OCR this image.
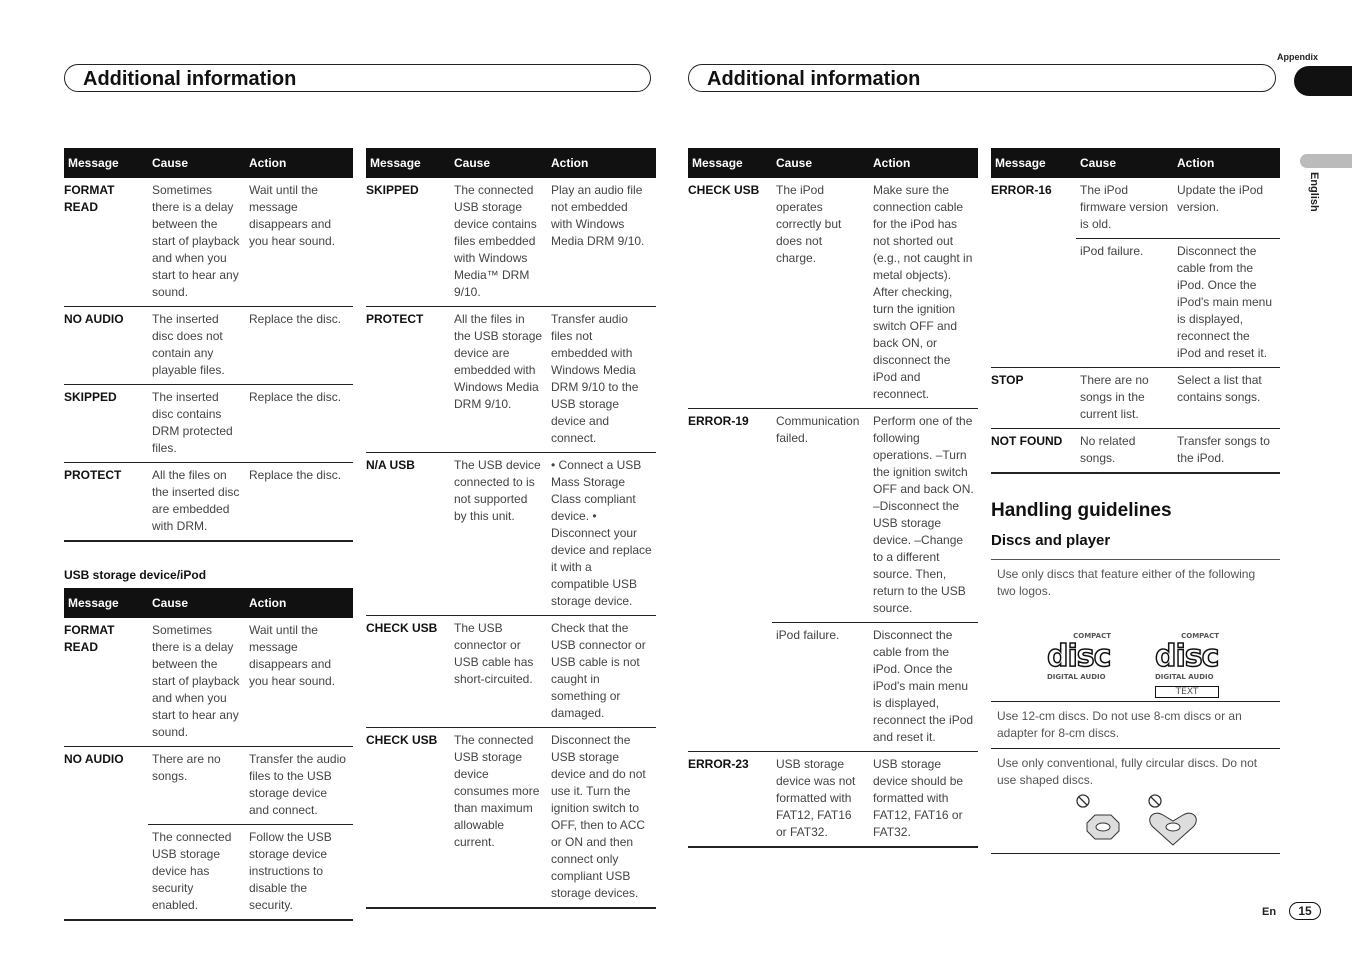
Additional information	Additional information
Appendix
English
Message	Cause	Action
FORMAT READ	Sometimes there is a delay between the start of playback and when you start to hear any sound.	Wait until the message disappears and you hear sound.
NO AUDIO	The inserted disc does not contain any playable files.	Replace the disc.
SKIPPED	The inserted disc contains DRM protected files.	Replace the disc.
PROTECT	All the files on the inserted disc are embedded with DRM.	Replace the disc.
USB storage device/iPod
Message	Cause	Action
FORMAT READ	Sometimes there is a delay between the start of playback and when you start to hear any sound.	Wait until the message disappears and you hear sound.
NO AUDIO	There are no songs.	Transfer the audio files to the USB storage device and connect.
	The connected USB storage device has security enabled.	Follow the USB storage device instructions to disable the security.
Message	Cause	Action
SKIPPED	The connected USB storage device contains files embedded with Windows Media™ DRM 9/10.	Play an audio file not embedded with Windows Media DRM 9/10.
PROTECT	All the files in the USB storage device are embedded with Windows Media DRM 9/10.	Transfer audio files not embedded with Windows Media DRM 9/10 to the USB storage device and connect.
N/A USB	The USB device connected to is not supported by this unit.	• Connect a USB Mass Storage Class compliant device. • Disconnect your device and replace it with a compatible USB storage device.
CHECK USB	The USB connector or USB cable has short-circuited.	Check that the USB connector or USB cable is not caught in something or damaged.
CHECK USB	The connected USB storage device consumes more than maximum allowable current.	Disconnect the USB storage device and do not use it. Turn the ignition switch to OFF, then to ACC or ON and then connect only compliant USB storage devices.
Message	Cause	Action
CHECK USB	The iPod operates correctly but does not charge.	Make sure the connection cable for the iPod has not shorted out (e.g., not caught in metal objects). After checking, turn the ignition switch OFF and back ON, or disconnect the iPod and reconnect.
ERROR-19	Communication failed.	Perform one of the following operations. –Turn the ignition switch OFF and back ON. –Disconnect the USB storage device. –Change to a different source. Then, return to the USB source.
	iPod failure.	Disconnect the cable from the iPod. Once the iPod's main menu is displayed, reconnect the iPod and reset it.
ERROR-23	USB storage device was not formatted with FAT12, FAT16 or FAT32.	USB storage device should be formatted with FAT12, FAT16 or FAT32.
Message	Cause	Action
ERROR-16	The iPod firmware version is old.	Update the iPod version.
	iPod failure.	Disconnect the cable from the iPod. Once the iPod's main menu is displayed, reconnect the iPod and reset it.
STOP	There are no songs in the current list.	Select a list that contains songs.
NOT FOUND	No related songs.	Transfer songs to the iPod.
Handling guidelines
Discs and player
Use only discs that feature either of the following two logos.
COMPACT
disc
DIGITAL AUDIO
COMPACT
disc
DIGITAL AUDIO
TEXT
Use 12-cm discs. Do not use 8-cm discs or an adapter for 8-cm discs.
Use only conventional, fully circular discs. Do not use shaped discs.
En	15
